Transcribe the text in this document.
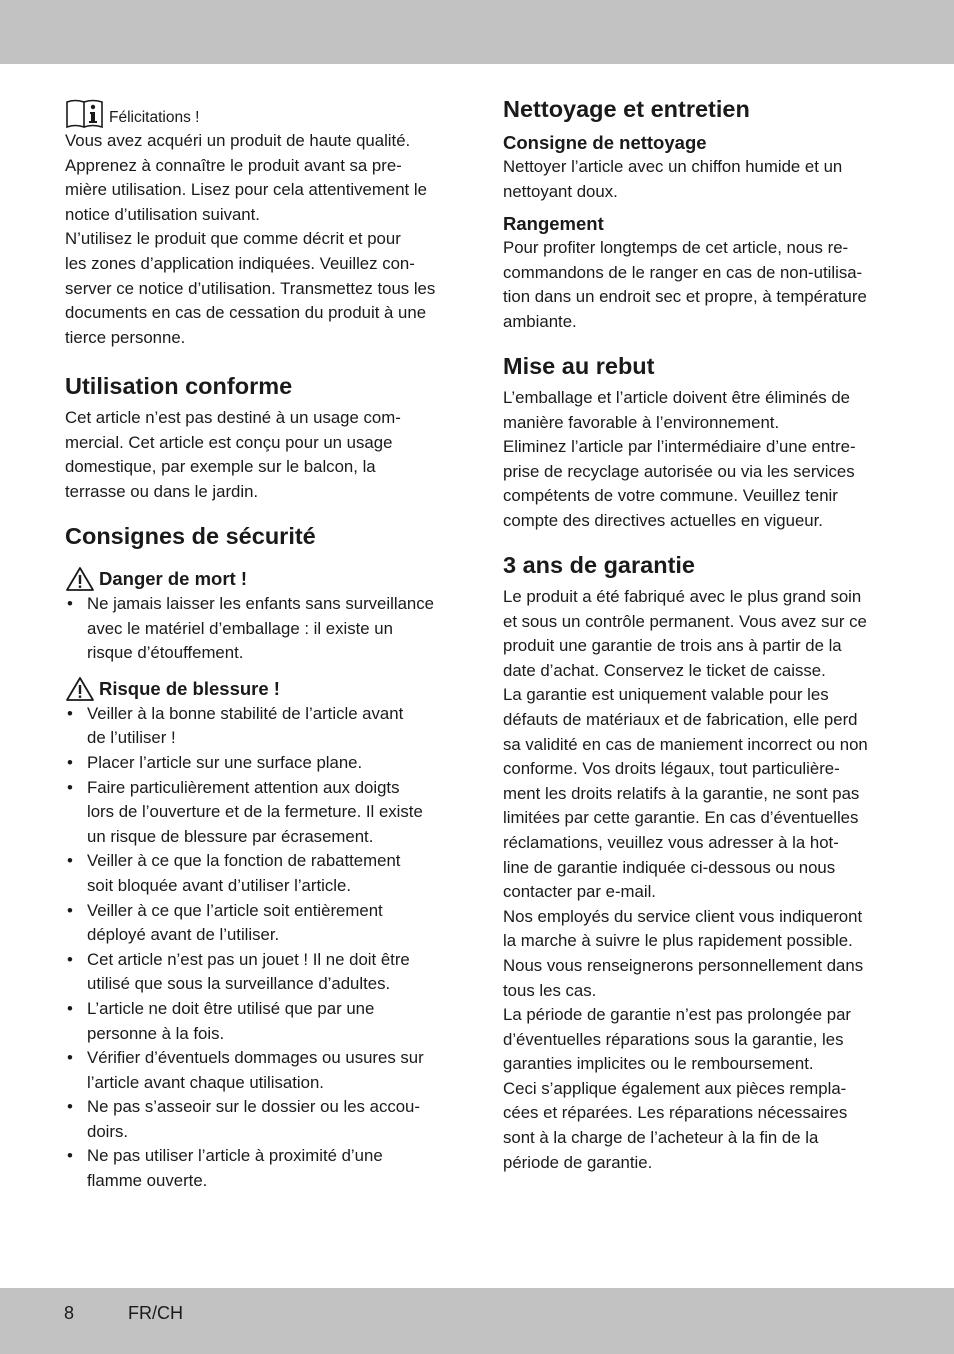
Félicitations !

Vous avez acquéri un produit de haute qualité.

Apprenez à connaître le produit avant sa pre-

mière utilisation. Lisez pour cela attentivement le

notice d’utilisation suivant.

N’utilisez le produit que comme décrit et pour

les zones d’application indiquées. Veuillez con-

server ce notice d’utilisation. Transmettez tous les

documents en cas de cessation du produit à une

tierce personne.

Utilisation conforme

Cet article n’est pas destiné à un usage com-

mercial. Cet article est conçu pour un usage

domestique, par exemple sur le balcon, la

terrasse ou dans le jardin.

Consignes de sécurité
Danger de mort !
• Ne jamais laisser les enfants sans surveillance
avec le matériel d’emballage : il existe un
risque d’étouffement.
Risque de blessure !
• Veiller à la bonne stabilité de l’article avant
de l’utiliser !
• Placer l’article sur une surface plane.
• Faire particulièrement attention aux doigts
lors de l’ouverture et de la fermeture. Il existe
un risque de blessure par écrasement.
• Veiller à ce que la fonction de rabattement
soit bloquée avant d’utiliser l’article.
• Veiller à ce que l’article soit entièrement
déployé avant de l’utiliser.
• Cet article n’est pas un jouet ! Il ne doit être
utilisé que sous la surveillance d’adultes.
• L’article ne doit être utilisé que par une
personne à la fois.
• Vérifier d’éventuels dommages ou usures sur
l’article avant chaque utilisation.
• Ne pas s’asseoir sur le dossier ou les accou-
doirs.
• Ne pas utiliser l’article à proximité d’une
flamme ouverte.
Nettoyage et entretien
Consigne de nettoyage

Nettoyer l’article avec un chiffon humide et un

nettoyant doux.

Rangement

Pour profiter longtemps de cet article, nous re-

commandons de le ranger en cas de non-utilisa-

tion dans un endroit sec et propre, à température

ambiante.

Mise au rebut

L’emballage et l’article doivent être éliminés de

manière favorable à l’environnement.

Eliminez l’article par l’intermédiaire d’une entre-

prise de recyclage autorisée ou via les services

compétents de votre commune. Veuillez tenir

compte des directives actuelles en vigueur.

3 ans de garantie

Le produit a été fabriqué avec le plus grand soin

et sous un contrôle permanent. Vous avez sur ce

produit une garantie de trois ans à partir de la

date d’achat. Conservez le ticket de caisse.

La garantie est uniquement valable pour les

défauts de matériaux et de fabrication, elle perd

sa validité en cas de maniement incorrect ou non

conforme. Vos droits légaux, tout particulière-

ment les droits relatifs à la garantie, ne sont pas

limitées par cette garantie. En cas d’éventuelles

réclamations, veuillez vous adresser à la hot-

line de garantie indiquée ci-dessous ou nous

contacter par e-mail.

Nos employés du service client vous indiqueront

la marche à suivre le plus rapidement possible.

Nous vous renseignerons personnellement dans

tous les cas.

La période de garantie n’est pas prolongée par

d’éventuelles réparations sous la garantie, les

garanties implicites ou le remboursement.

Ceci s’applique également aux pièces rempla-

cées et réparées. Les réparations nécessaires

sont à la charge de l’acheteur à la fin de la

période de garantie.

8	FR/CH
